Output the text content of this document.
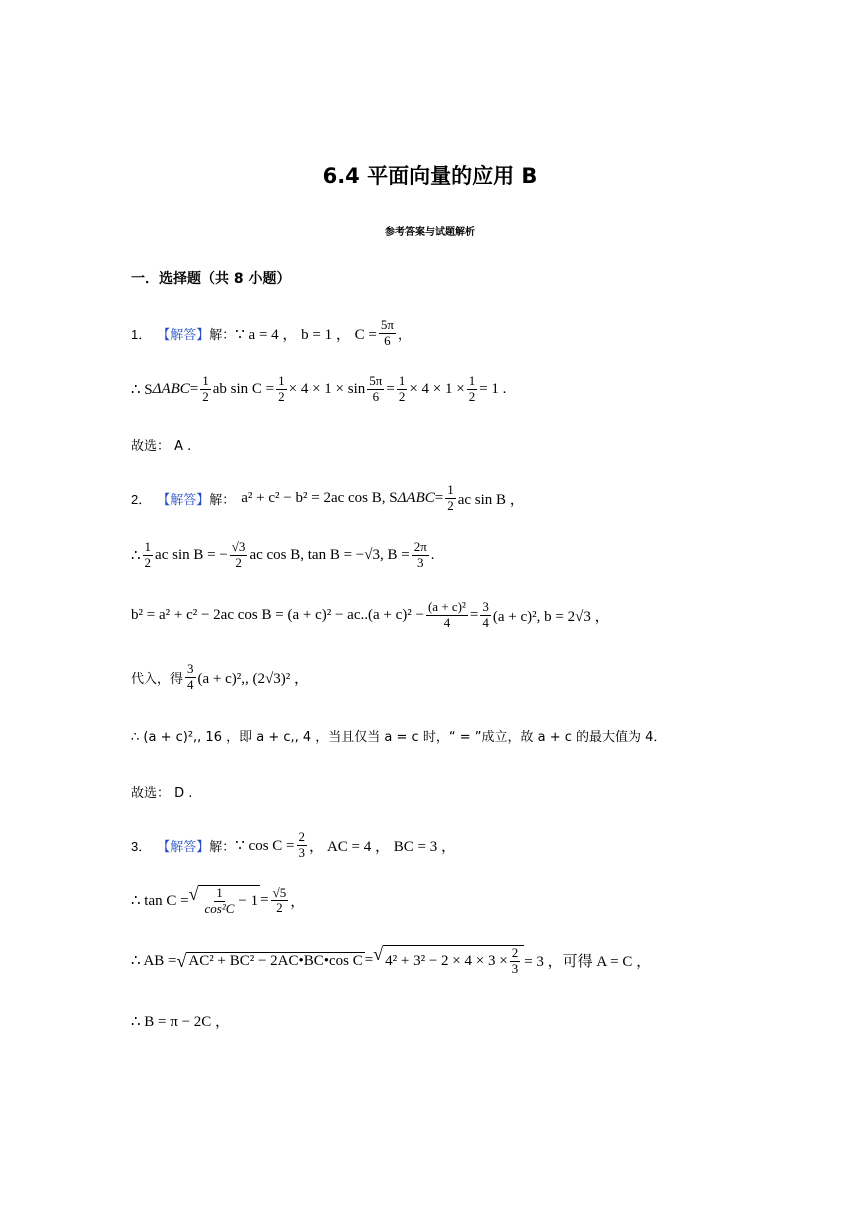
6.4 平面向量的应用 B
参考答案与试题解析
一．选择题（共 8 小题）
1． 【解答】 解： ∵ a = 4 ， b = 1 ， $C = \frac{5\pi}{6}$ ，
∴ S $\Delta ABC = \frac{1}{2}$ ab $\sin C = \frac{1}{2} \times 4 \times 1 \times \sin \frac{5\pi}{6} = \frac{1}{2} \times 4 \times 1 \times \frac{1}{2} = 1$ .
故选： A .
2． 【解答】 解： a² + c² − b² = 2ac cos B, S $\Delta ABC = \frac{1}{2}$ ac sin B ，
∴ $\frac{1}{2}$ ac sin B = − $\frac{√3}{2}$ ac cos B, tan B = −√3, $B = \frac{2\pi}{3}$ .
b² = a² + c² − 2ac $\cos B = (a + c)^2 - ac..(a + c)^2 - \frac{\text{(a + c)²}}{4} = \frac{3}{4} (a + c)^2$, b = 2√3 ，
代入，得 $\frac{3}{4} (a + c)^2$,, (2√3)² ，
∴ (a + c)²,, 16 ，即 a + c,, 4 ，当且仅当 a = c 时，“ = ”成立，故 a + c 的最大值为 4．
故选： D .
3． 【解答】 解： ∵ $\cos C = \frac{2}{3}$ ， AC = 4 ， BC = 3 ，
∴ tan C = √ $\frac{1}{\text{cos²C}} - 1 = \frac{√5}{2}$ ，
∴ AB = √ AC² + BC² − 2AC•BC•cos C = √ $4^2 + 3^2 - 2 \times 4 \times 3 \times \frac{2}{3} = 3$ ，可得 A = C ，
∴ B = π − 2C ，
